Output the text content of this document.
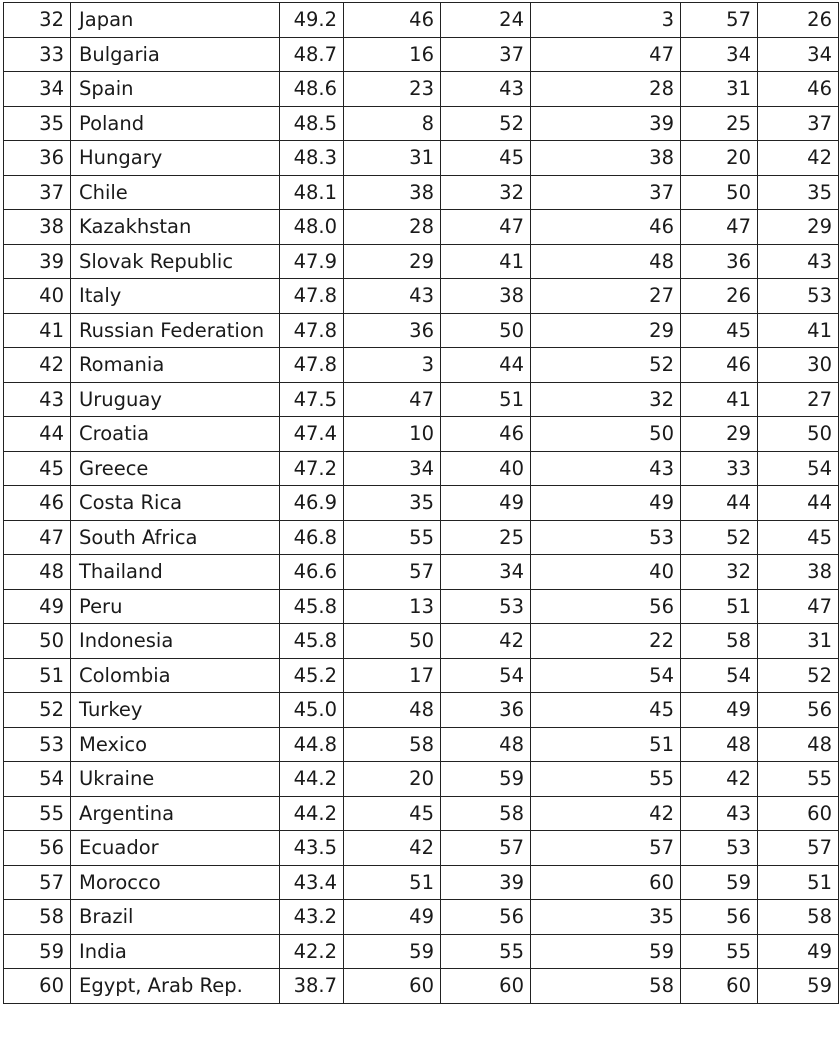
32	Japan	49.2	46	24	3	57	26
33	Bulgaria	48.7	16	37	47	34	34
34	Spain	48.6	23	43	28	31	46
35	Poland	48.5	8	52	39	25	37
36	Hungary	48.3	31	45	38	20	42
37	Chile	48.1	38	32	37	50	35
38	Kazakhstan	48.0	28	47	46	47	29
39	Slovak Republic	47.9	29	41	48	36	43
40	Italy	47.8	43	38	27	26	53
41	Russian Federation	47.8	36	50	29	45	41
42	Romania	47.8	3	44	52	46	30
43	Uruguay	47.5	47	51	32	41	27
44	Croatia	47.4	10	46	50	29	50
45	Greece	47.2	34	40	43	33	54
46	Costa Rica	46.9	35	49	49	44	44
47	South Africa	46.8	55	25	53	52	45
48	Thailand	46.6	57	34	40	32	38
49	Peru	45.8	13	53	56	51	47
50	Indonesia	45.8	50	42	22	58	31
51	Colombia	45.2	17	54	54	54	52
52	Turkey	45.0	48	36	45	49	56
53	Mexico	44.8	58	48	51	48	48
54	Ukraine	44.2	20	59	55	42	55
55	Argentina	44.2	45	58	42	43	60
56	Ecuador	43.5	42	57	57	53	57
57	Morocco	43.4	51	39	60	59	51
58	Brazil	43.2	49	56	35	56	58
59	India	42.2	59	55	59	55	49
60	Egypt, Arab Rep.	38.7	60	60	58	60	59
